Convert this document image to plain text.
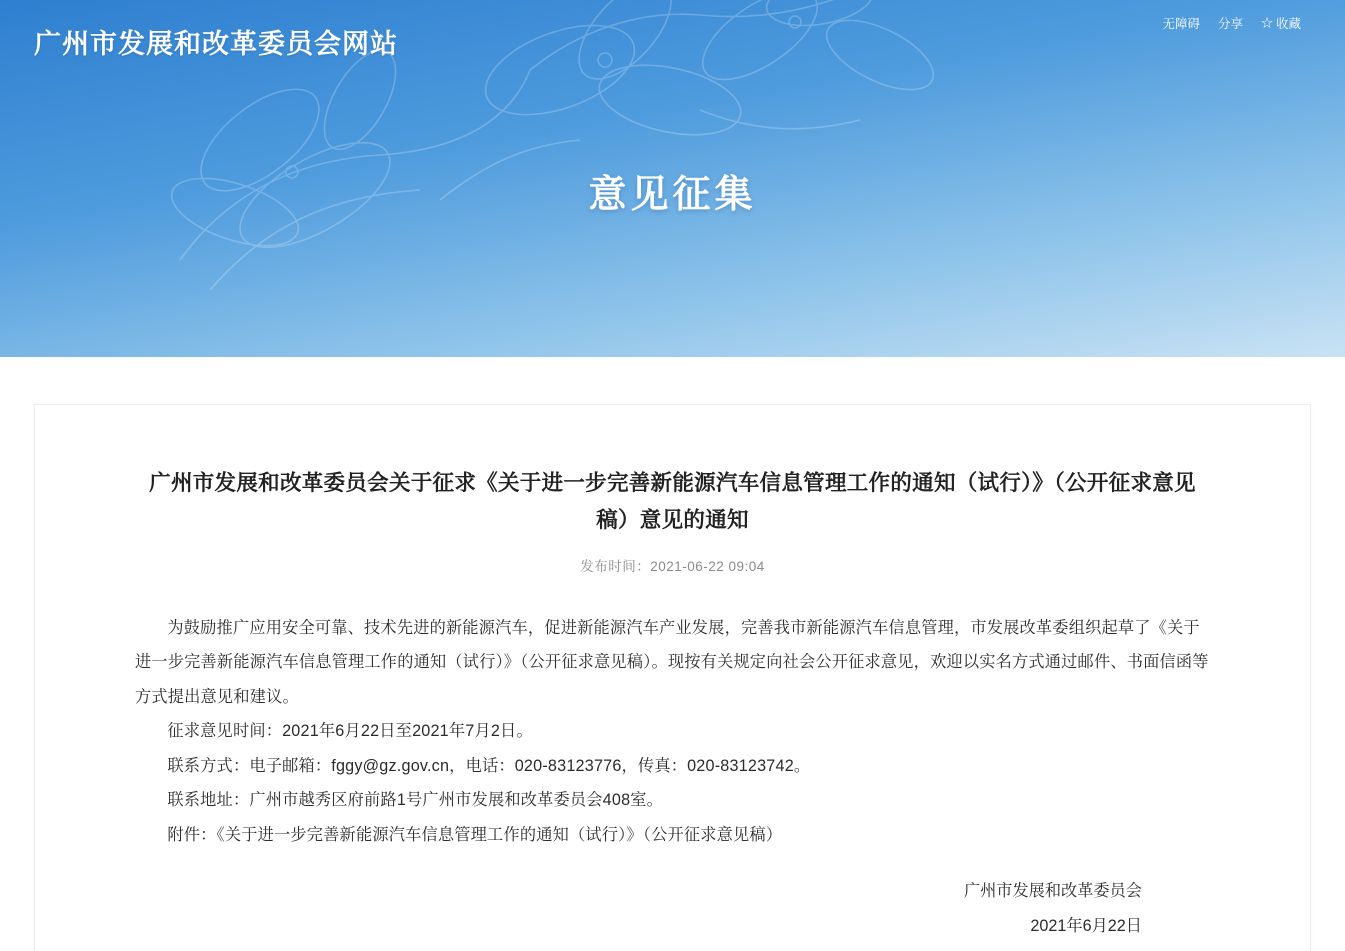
广州市发展和改革委员会网站
无障碍 分享 ☆ 收藏
意见征集
广州市发展和改革委员会关于征求《关于进一步完善新能源汽车信息管理工作的通知（试行）》（公开征求意见稿）意见的通知
发布时间：2021-06-22 09:04

为鼓励推广应用安全可靠、技术先进的新能源汽车，促进新能源汽车产业发展，完善我市新能源汽车信息管理，市发展改革委组织起草了《关于进一步完善新能源汽车信息管理工作的通知（试行）》（公开征求意见稿）。现按有关规定向社会公开征求意见，欢迎以实名方式通过邮件、书面信函等方式提出意见和建议。

征求意见时间：2021年6月22日至2021年7月2日。

联系方式：电子邮箱：fggy@gz.gov.cn，电话：020-83123776，传真：020-83123742。

联系地址：广州市越秀区府前路1号广州市发展和改革委员会408室。

附件：《关于进一步完善新能源汽车信息管理工作的通知（试行）》（公开征求意见稿）

广州市发展和改革委员会
2021年6月22日
